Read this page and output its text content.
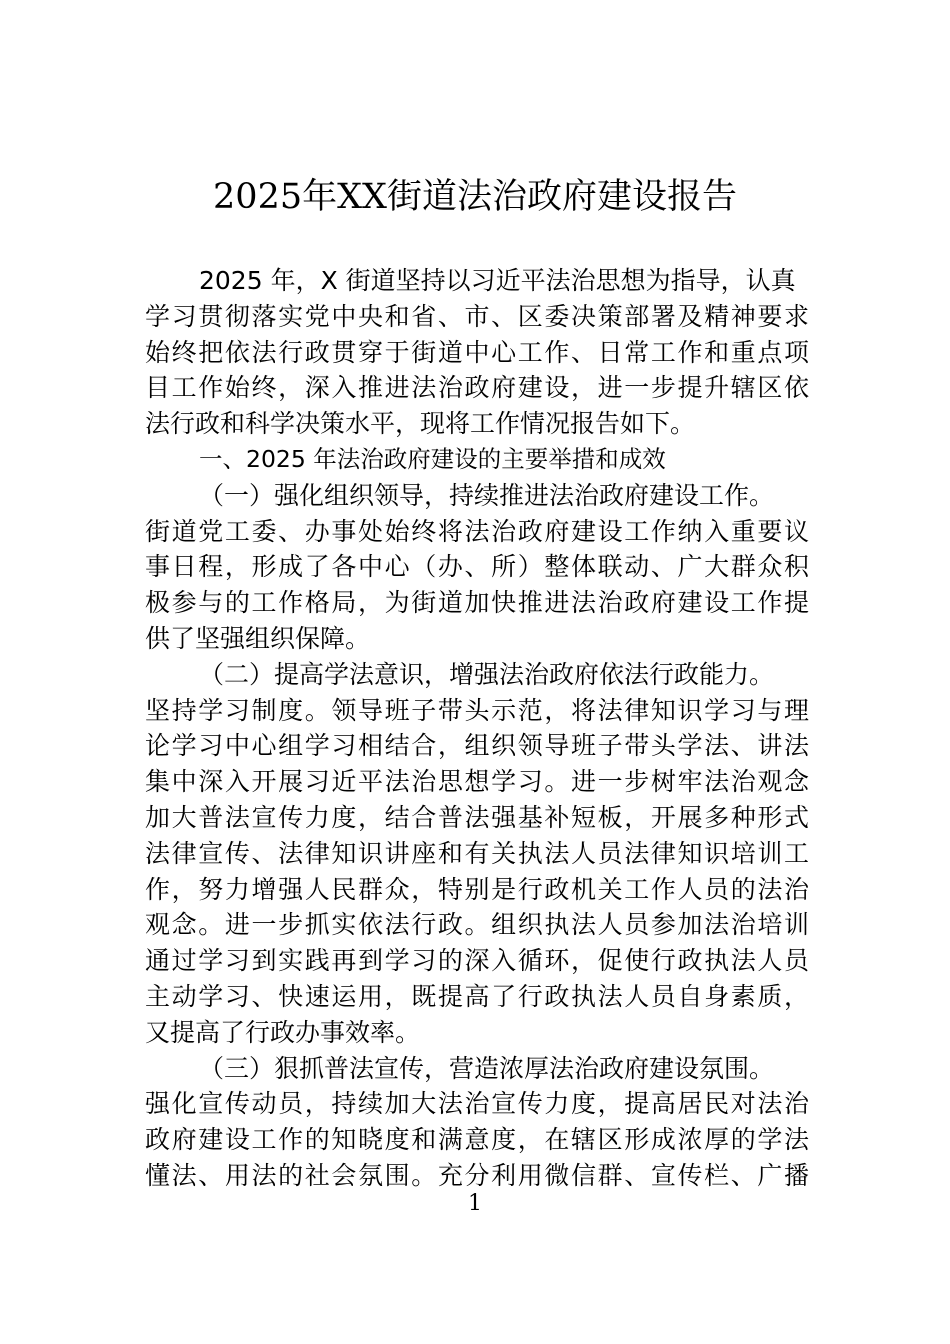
2025年XX街道法治政府建设报告
2025 年，X 街道坚持以习近平法治思想为指导，认真
学习贯彻落实党中央和省、市、区委决策部署及精神要求
始终把依法行政贯穿于街道中心工作、日常工作和重点项
目工作始终，深入推进法治政府建设，进一步提升辖区依
法行政和科学决策水平，现将工作情况报告如下。
一、2025 年法治政府建设的主要举措和成效
（一）强化组织领导，持续推进法治政府建设工作。
街道党工委、办事处始终将法治政府建设工作纳入重要议
事日程，形成了各中心（办、所）整体联动、广大群众积
极参与的工作格局，为街道加快推进法治政府建设工作提
供了坚强组织保障。
（二）提高学法意识，增强法治政府依法行政能力。
坚持学习制度。领导班子带头示范，将法律知识学习与理
论学习中心组学习相结合，组织领导班子带头学法、讲法
集中深入开展习近平法治思想学习。进一步树牢法治观念
加大普法宣传力度，结合普法强基补短板，开展多种形式
法律宣传、法律知识讲座和有关执法人员法律知识培训工
作，努力增强人民群众，特别是行政机关工作人员的法治
观念。进一步抓实依法行政。组织执法人员参加法治培训
通过学习到实践再到学习的深入循环，促使行政执法人员
主动学习、快速运用，既提高了行政执法人员自身素质，
又提高了行政办事效率。
（三）狠抓普法宣传，营造浓厚法治政府建设氛围。
强化宣传动员，持续加大法治宣传力度，提高居民对法治
政府建设工作的知晓度和满意度，在辖区形成浓厚的学法
懂法、用法的社会氛围。充分利用微信群、宣传栏、广播
1
